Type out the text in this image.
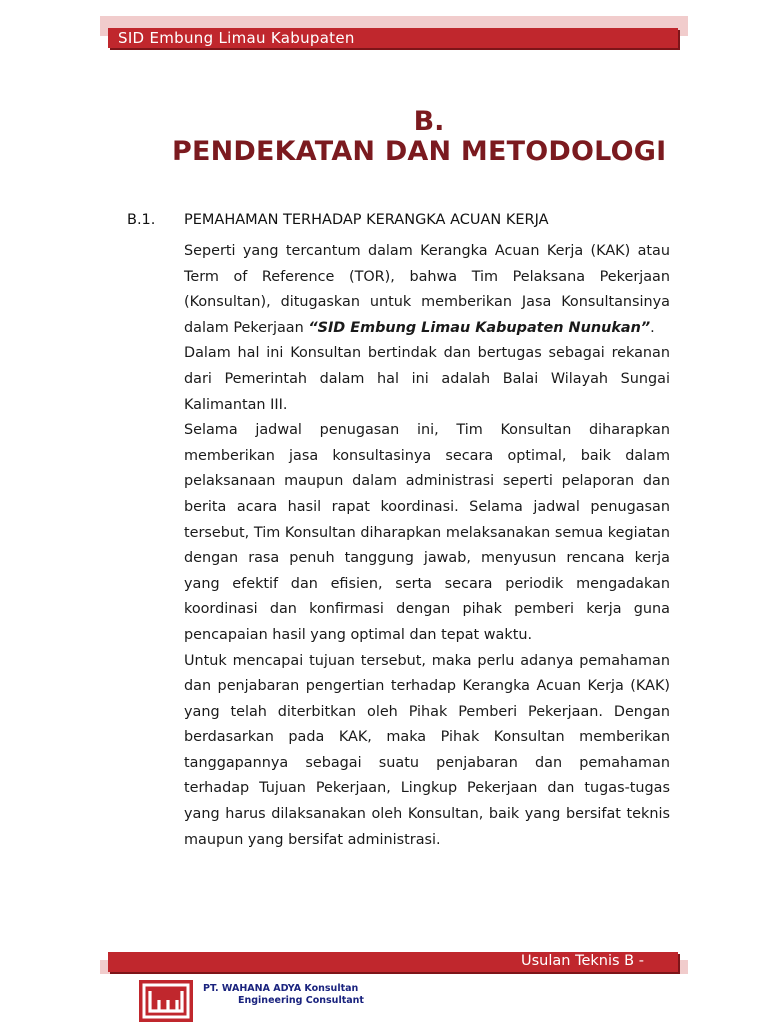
SID Embung Limau Kabupaten
B.
PENDEKATAN DAN METODOLOGI
B.1. PEMAHAMAN TERHADAP KERANGKA ACUAN KERJA

Seperti yang tercantum dalam Kerangka Acuan Kerja (KAK) atau Term of Reference (TOR), bahwa Tim Pelaksana Pekerjaan (Konsultan), ditugaskan untuk memberikan Jasa Konsultansinya dalam Pekerjaan “SID Embung Limau Kabupaten Nunukan”.

Dalam hal ini Konsultan bertindak dan bertugas sebagai rekanan dari Pemerintah dalam hal ini adalah Balai Wilayah Sungai Kalimantan III.

Selama jadwal penugasan ini, Tim Konsultan diharapkan memberikan jasa konsultasinya secara optimal, baik dalam pelaksanaan maupun dalam administrasi seperti pelaporan dan berita acara hasil rapat koordinasi. Selama jadwal penugasan tersebut, Tim Konsultan diharapkan melaksanakan semua kegiatan dengan rasa penuh tanggung jawab, menyusun rencana kerja yang efektif dan efisien, serta secara periodik mengadakan koordinasi dan konfirmasi dengan pihak pemberi kerja guna pencapaian hasil yang optimal dan tepat waktu.

Untuk mencapai tujuan tersebut, maka perlu adanya pemahaman dan penjabaran pengertian terhadap Kerangka Acuan Kerja (KAK) yang telah diterbitkan oleh Pihak Pemberi Pekerjaan. Dengan berdasarkan pada KAK, maka Pihak Konsultan memberikan tanggapannya sebagai suatu penjabaran dan pemahaman terhadap Tujuan Pekerjaan, Lingkup Pekerjaan dan tugas-tugas yang harus dilaksanakan oleh Konsultan, baik yang bersifat teknis maupun yang bersifat administrasi.

Usulan Teknis B -
PT. WAHANA ADYA Konsultan
Engineering Consultant
